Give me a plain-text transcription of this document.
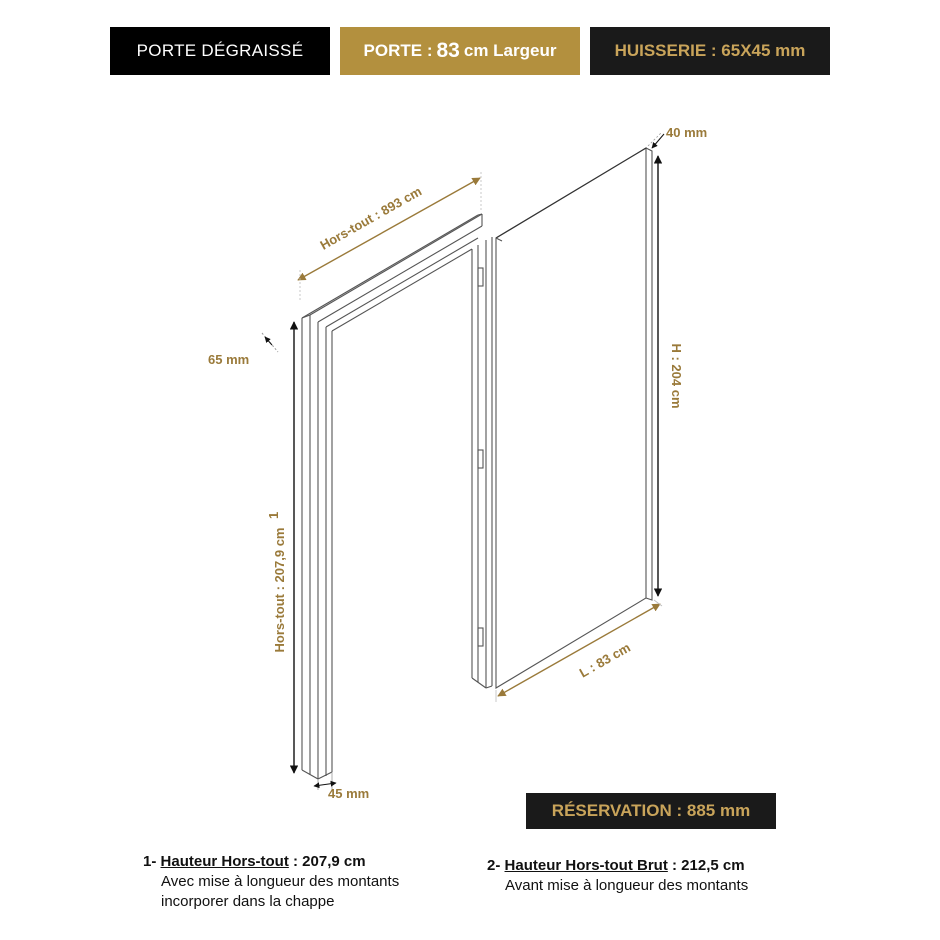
PORTE DÉGRAISSÉ	PORTE : 83 cm Largeur	HUISSERIE : 65X45 mm
Hors-tout : 893 cm
65 mm
Hors-tout : 207,9 cm
1
45 mm
40 mm
H : 204 cm
L : 83 cm
RÉSERVATION : 885 mm
1- Hauteur Hors-tout : 207,9 cm
Avec mise à longueur des montants
incorporer dans la chappe
2- Hauteur Hors-tout Brut : 212,5 cm
Avant mise à longueur des montants
